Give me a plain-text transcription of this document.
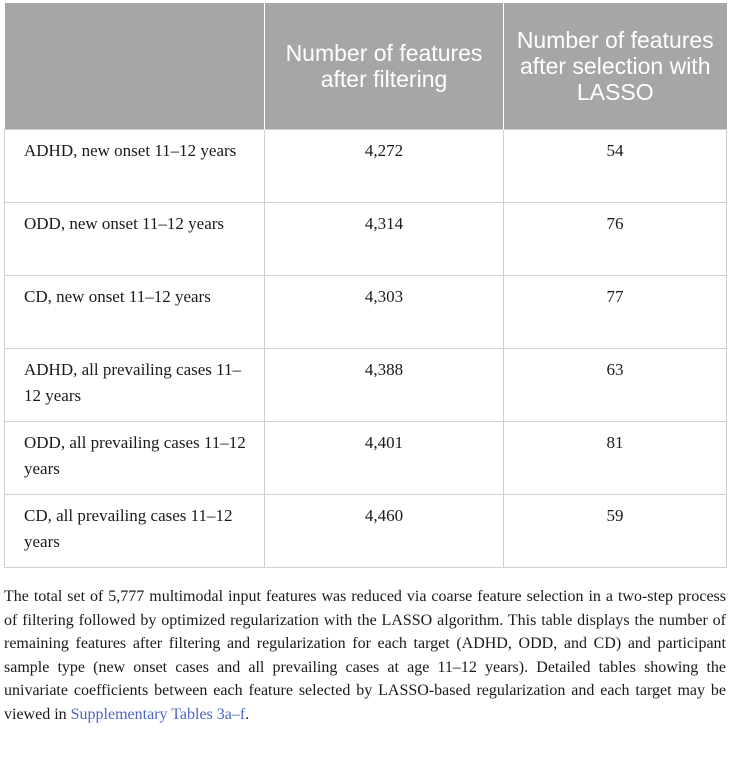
	Number of features after filtering	Number of features after selection with LASSO
ADHD, new onset 11–12 years	4,272	54
ODD, new onset 11–12 years	4,314	76
CD, new onset 11–12 years	4,303	77
ADHD, all prevailing cases 11–12 years	4,388	63
ODD, all prevailing cases 11–12 years	4,401	81
CD, all prevailing cases 11–12 years	4,460	59

The total set of 5,777 multimodal input features was reduced via coarse feature selection in a two-step process of filtering followed by optimized regularization with the LASSO algorithm. This table displays the number of remaining features after filtering and regularization for each target (ADHD, ODD, and CD) and participant sample type (new onset cases and all prevailing cases at age 11–12 years). Detailed tables showing the univariate coefficients between each feature selected by LASSO-based regularization and each target may be viewed in Supplementary Tables 3a–f.
